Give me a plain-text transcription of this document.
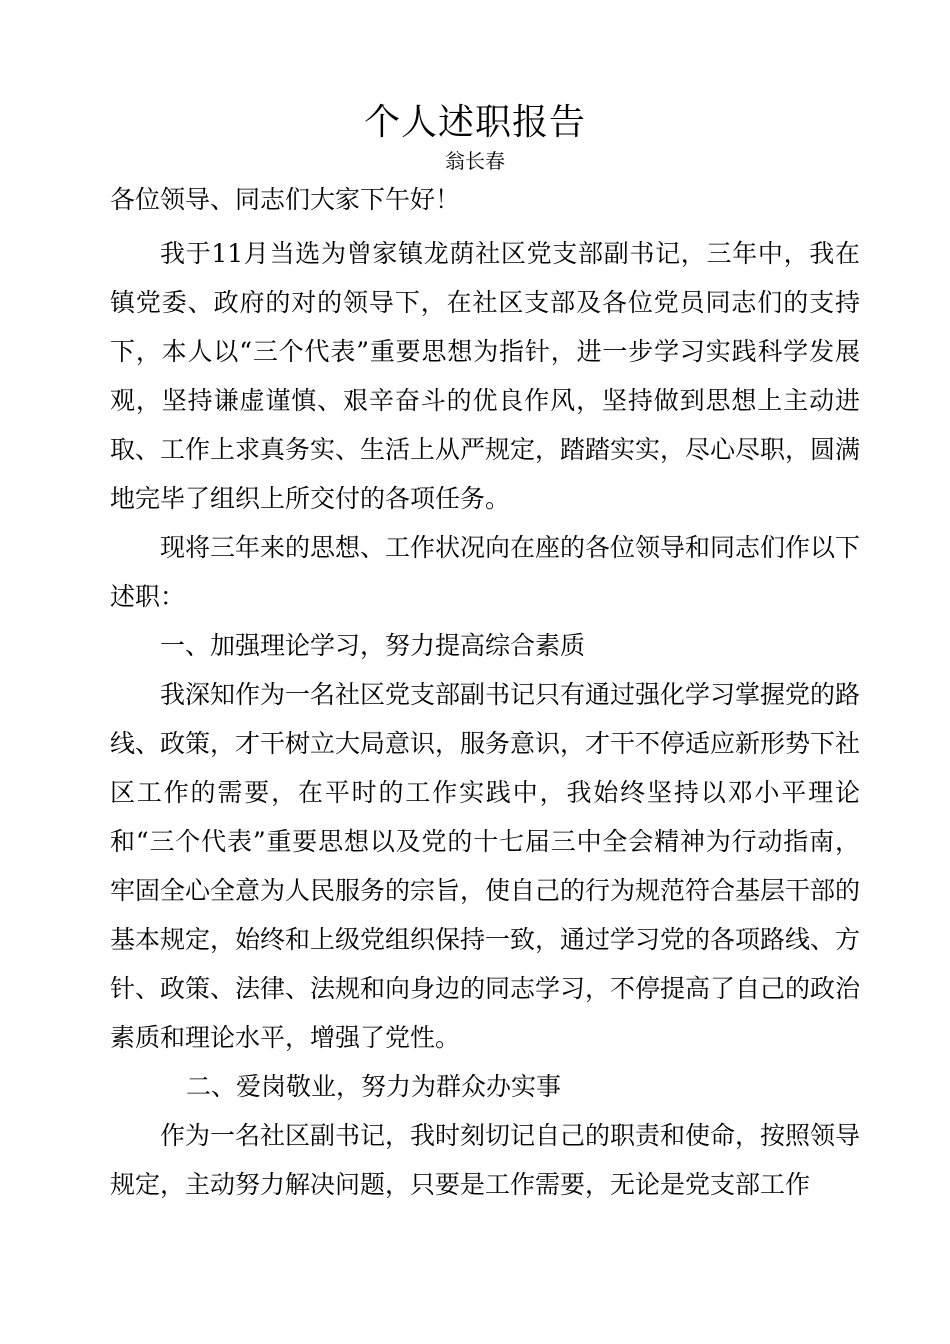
个人述职报告
翁长春

各位领导、同志们大家下午好！

我于11月当选为曾家镇龙荫社区党支部副书记，三年中，我在镇党委、政府的对的领导下，在社区支部及各位党员同志们的支持下，本人以“三个代表”重要思想为指针，进一步学习实践科学发展观，坚持谦虚谨慎、艰辛奋斗的优良作风，坚持做到思想上主动进取、工作上求真务实、生活上从严规定，踏踏实实，尽心尽职，圆满地完毕了组织上所交付的各项任务。

现将三年来的思想、工作状况向在座的各位领导和同志们作以下述职：

一、加强理论学习，努力提高综合素质

我深知作为一名社区党支部副书记只有通过强化学习掌握党的路线、政策，才干树立大局意识，服务意识，才干不停适应新形势下社区工作的需要，在平时的工作实践中，我始终坚持以邓小平理论和“三个代表”重要思想以及党的十七届三中全会精神为行动指南，牢固全心全意为人民服务的宗旨，使自己的行为规范符合基层干部的基本规定，始终和上级党组织保持一致，通过学习党的各项路线、方针、政策、法律、法规和向身边的同志学习，不停提高了自己的政治素质和理论水平，增强了党性。

二、爱岗敬业，努力为群众办实事

作为一名社区副书记，我时刻切记自己的职责和使命，按照领导规定，主动努力解决问题，只要是工作需要，无论是党支部工作
